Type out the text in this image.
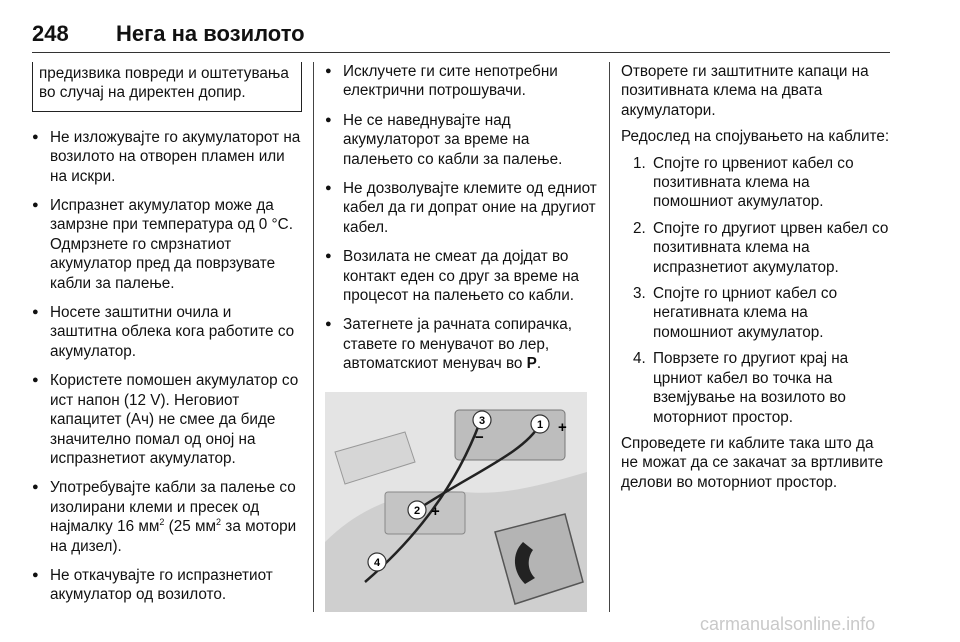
248 Нега на возилото

предизвика повреди и оштетувања во случај на директен допир.

● Не изложувајте го акумулаторот на возилото на отворен пламен или на искри.
● Испразнет акумулатор може да замрзне при температура од 0 °C. Одмрзнете го смрзнатиот акумулатор пред да поврзувате кабли за палење.
● Носете заштитни очила и заштитна облека кога работите со акумулатор.
● Користете помошен акумулатор со ист напон (12 V). Неговиот капацитет (Ач) не смее да биде значително помал од оној на испразнетиот акумулатор.
● Употребувајте кабли за палење со изолирани клеми и пресек од најмалку 16 $мм^2$ (25 $мм^2$ за мотори на дизел).
● Не откачувајте го испразнетиот акумулатор од возилото.
● Исклучете ги сите непотребни електрични потрошувачи.
● Не се наведнувајте над акумулаторот за време на палењето со кабли за палење.
● Не дозволувајте клемите од едниот кабел да ги допрат оние на другиот кабел.
● Возилата не смеат да дојдат во контакт еден со друг за време на процесот на палењето со кабли.
● Затегнете ја рачната сопирачка, ставете го менувачот во лер, автоматскиот менувач во P.
1 +
2 +
3
−
4

Отворете ги заштитните капаци на позитивната клема на двата акумулатори.

Редослед на спојувањето на каблите:

1. Спојте го црвениот кабел со позитивната клема на помошниот акумулатор.
2. Спојте го другиот црвен кабел со позитивната клема на испразнетиот акумулатор.
3. Спојте го црниот кабел со негативната клема на помошниот акумулатор.
4. Поврзете го другиот крај на црниот кабел во точка на вземјување на возилото во моторниот простор.

Спроведете ги каблите така што да не можат да се закачат за вртливите делови во моторниот простор.

carmanualsonline.info
